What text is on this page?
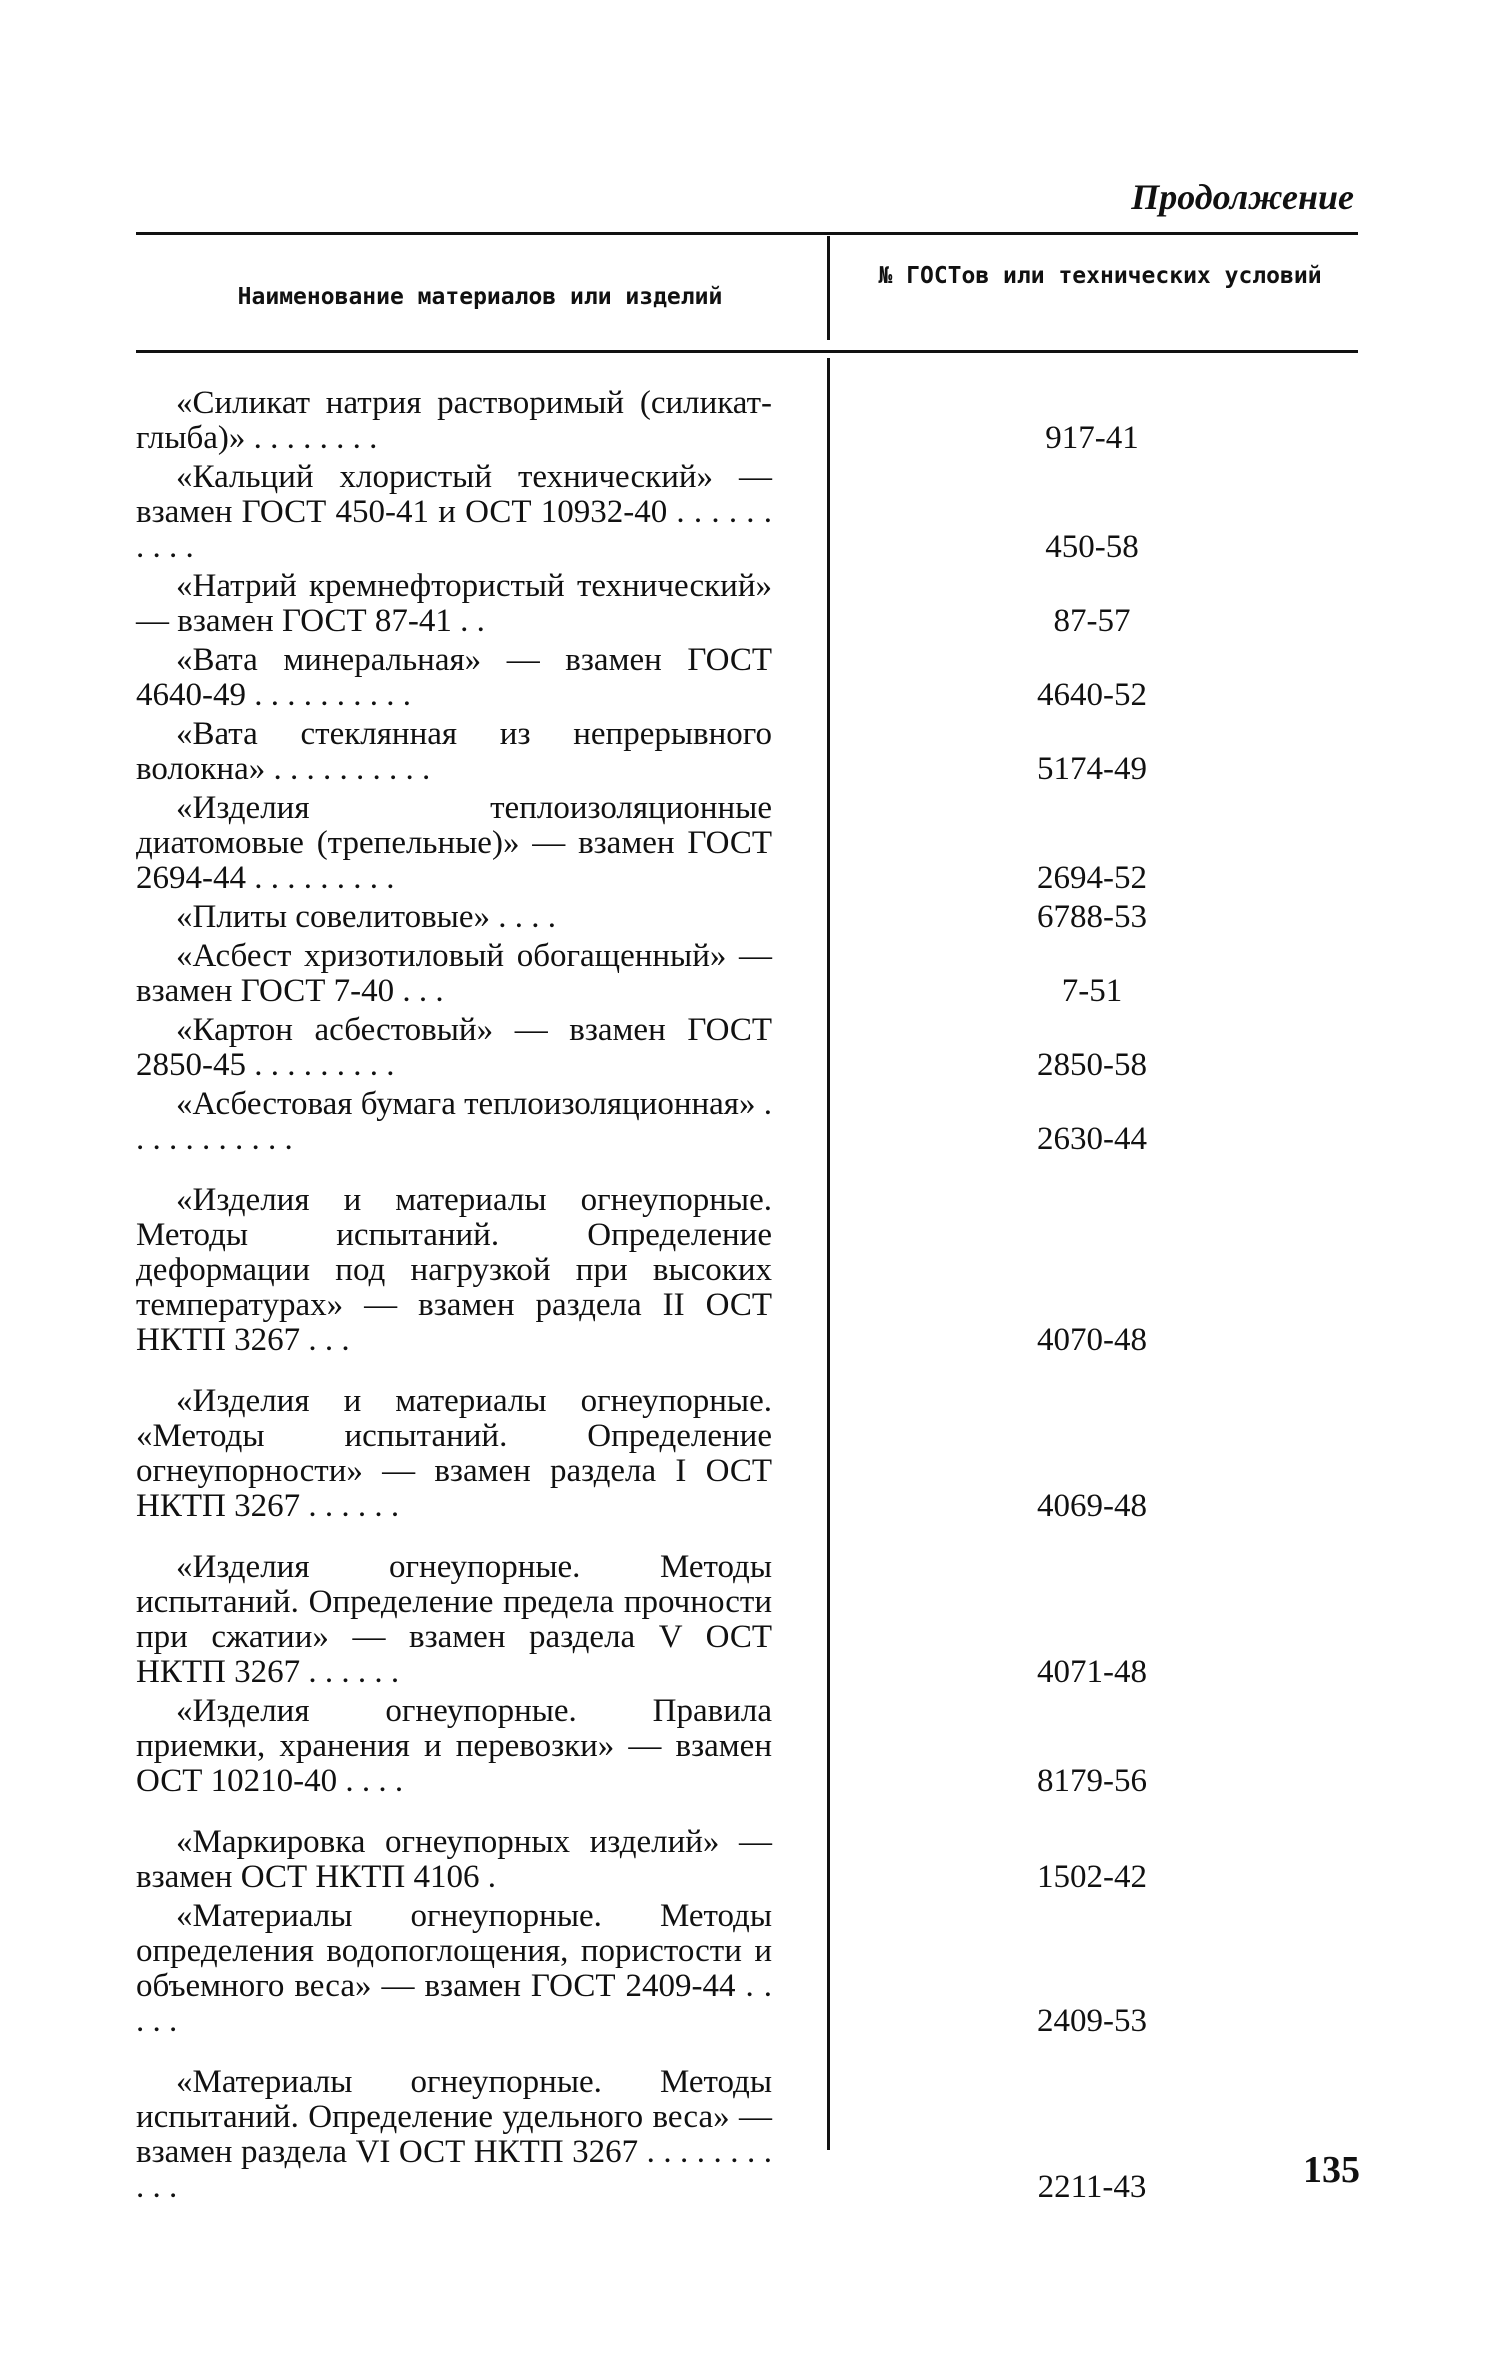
Продолжение
Наименование материалов или изделий
№ ГОСТов или технических условий
«Силикат натрия растворимый (силикат-глыба)» . . . . . . . .	917-41
«Кальций хлористый технический» — взамен ГОСТ 450-41 и ОСТ 10932-40 . . . . . . . . . .	450-58
«Натрий кремнефтористый технический» — взамен ГОСТ 87-41 . .	87-57
«Вата минеральная» — взамен ГОСТ 4640-49 . . . . . . . . . .	4640-52
«Вата стеклянная из непрерывного волокна» . . . . . . . . . .	5174-49
«Изделия теплоизоляционные диатомовые (трепельные)» — взамен ГОСТ 2694-44 . . . . . . . . .	2694-52
«Плиты совелитовые» . . . .	6788-53
«Асбест хризотиловый обогащенный» — взамен ГОСТ 7-40 . . .	7-51
«Картон асбестовый» — взамен ГОСТ 2850-45 . . . . . . . . .	2850-58
«Асбестовая бумага теплоизоляционная» . . . . . . . . . . .	2630-44
«Изделия и материалы огнеупорные. Методы испытаний. Определение деформации под нагрузкой при высоких температурах» — взамен раздела II ОСТ НКТП 3267 . . .	4070-48
«Изделия и материалы огнеупорные. «Методы испытаний. Определение огнеупорности» — взамен раздела I ОСТ НКТП 3267 . . . . . .	4069-48
«Изделия огнеупорные. Методы испытаний. Определение предела прочности при сжатии» — взамен раздела V ОСТ НКТП 3267 . . . . . .	4071-48
«Изделия огнеупорные. Правила приемки, хранения и перевозки» — взамен ОСТ 10210-40 . . . .	8179-56
«Маркировка огнеупорных изделий» — взамен ОСТ НКТП 4106 .	1502-42
«Материалы огнеупорные. Методы определения водопоглощения, пористости и объемного веса» — взамен ГОСТ 2409-44 . . . . .	2409-53
«Материалы огнеупорные. Методы испытаний. Определение удельного веса» — взамен раздела VI ОСТ НКТП 3267 . . . . . . . . . . .	2211-43	135
